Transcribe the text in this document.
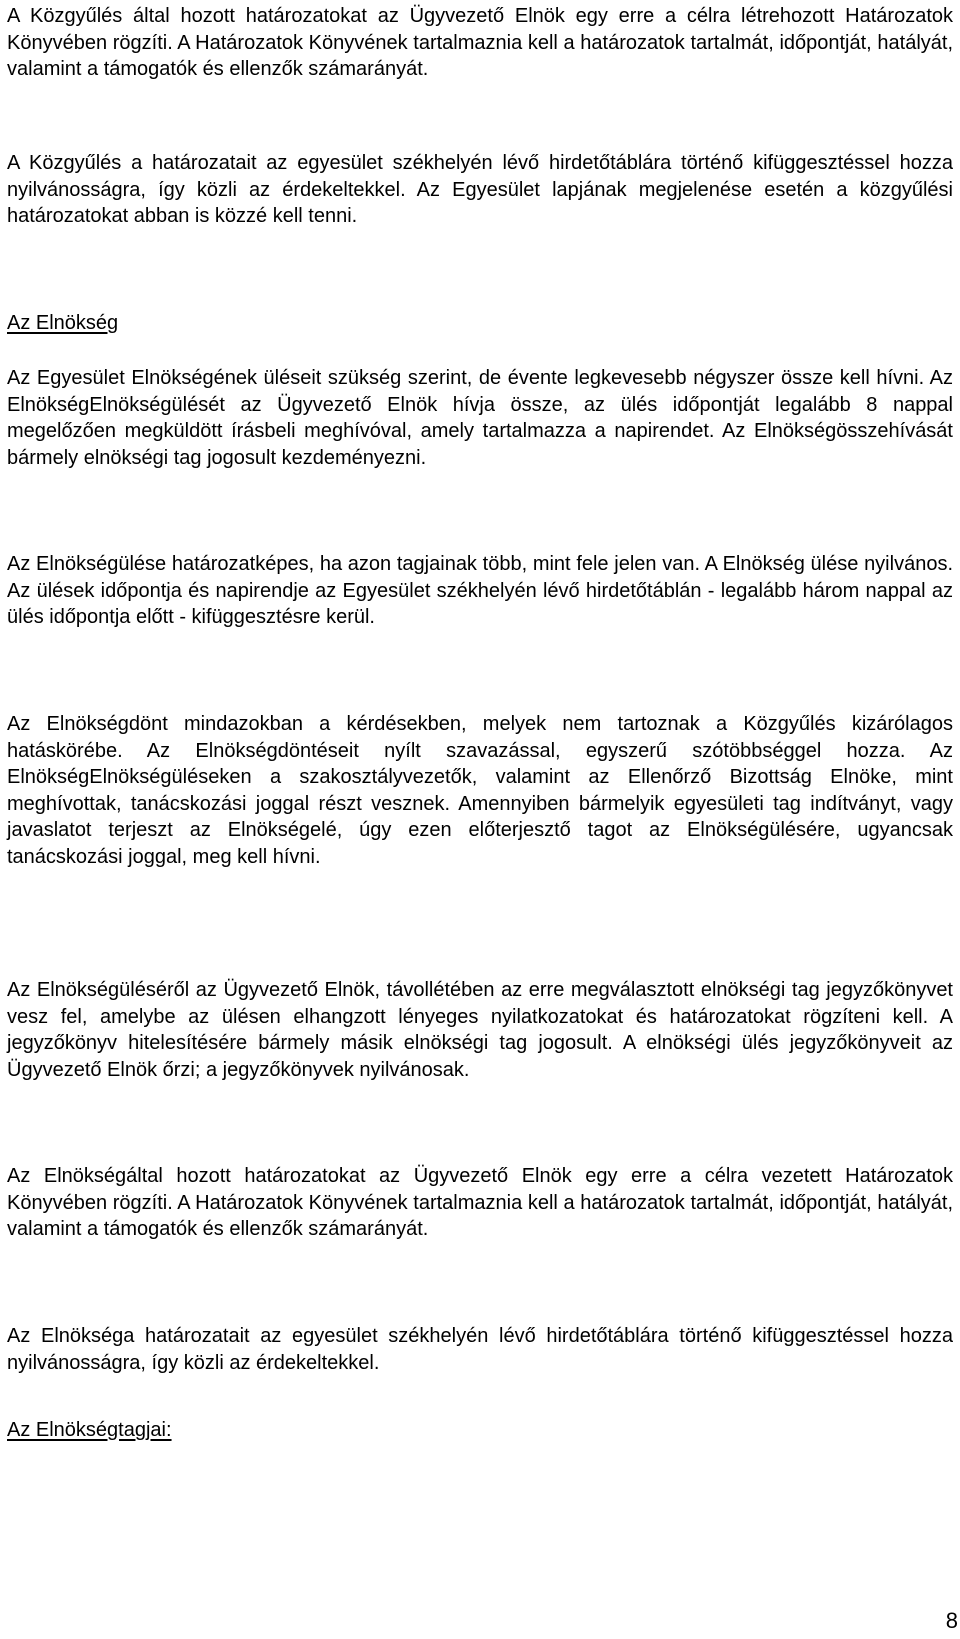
A Közgyűlés által hozott határozatokat az Ügyvezető Elnök egy erre a célra létrehozott Határozatok Könyvében rögzíti. A Határozatok Könyvének tartalmaznia kell a határozatok tartalmát, időpontját, hatályát, valamint a támogatók és ellenzők számarányát.

A Közgyűlés a határozatait az egyesület székhelyén lévő hirdetőtáblára történő kifüggesztéssel hozza nyilvánosságra, így közli az érdekeltekkel. Az Egyesület lapjának megjelenése esetén a közgyűlési határozatokat abban is közzé kell tenni.

Az Elnökség

Az Egyesület Elnökségének üléseit szükség szerint, de évente legkevesebb négyszer össze kell hívni. Az ElnökségElnökségülését az Ügyvezető Elnök hívja össze, az ülés időpontját legalább 8 nappal megelőzően megküldött írásbeli meghívóval, amely tartalmazza a napirendet. Az Elnökségösszehívását bármely elnökségi tag jogosult kezdeményezni.

Az Elnökségülése határozatképes, ha azon tagjainak több, mint fele jelen van. A Elnökség ülése nyilvános. Az ülések időpontja és napirendje az Egyesület székhelyén lévő hirdetőtáblán - legalább három nappal az ülés időpontja előtt - kifüggesztésre kerül.

Az Elnökségdönt mindazokban a kérdésekben, melyek nem tartoznak a Közgyűlés kizárólagos hatáskörébe. Az Elnökségdöntéseit nyílt szavazással, egyszerű szótöbbséggel hozza. Az ElnökségElnökségüléseken a szakosztályvezetők, valamint az Ellenőrző Bizottság Elnöke, mint meghívottak, tanácskozási joggal részt vesznek. Amennyiben bármelyik egyesületi tag indítványt, vagy javaslatot terjeszt az Elnökségelé, úgy ezen előterjesztő tagot az Elnökségülésére, ugyancsak tanácskozási joggal, meg kell hívni.

Az Elnökségüléséről az Ügyvezető Elnök, távollétében az erre megválasztott elnökségi tag jegyzőkönyvet vesz fel, amelybe az ülésen elhangzott lényeges nyilatkozatokat és határozatokat rögzíteni kell. A jegyzőkönyv hitelesítésére bármely másik elnökségi tag jogosult. A elnökségi ülés jegyzőkönyveit az Ügyvezető Elnök őrzi; a jegyzőkönyvek nyilvánosak.

Az Elnökségáltal hozott határozatokat az Ügyvezető Elnök egy erre a célra vezetett Határozatok Könyvében rögzíti. A Határozatok Könyvének tartalmaznia kell a határozatok tartalmát, időpontját, hatályát, valamint a támogatók és ellenzők számarányát.

Az Elnökséga határozatait az egyesület székhelyén lévő hirdetőtáblára történő kifüggesztéssel hozza nyilvánosságra, így közli az érdekeltekkel.

Az Elnökségtagjai:

8
